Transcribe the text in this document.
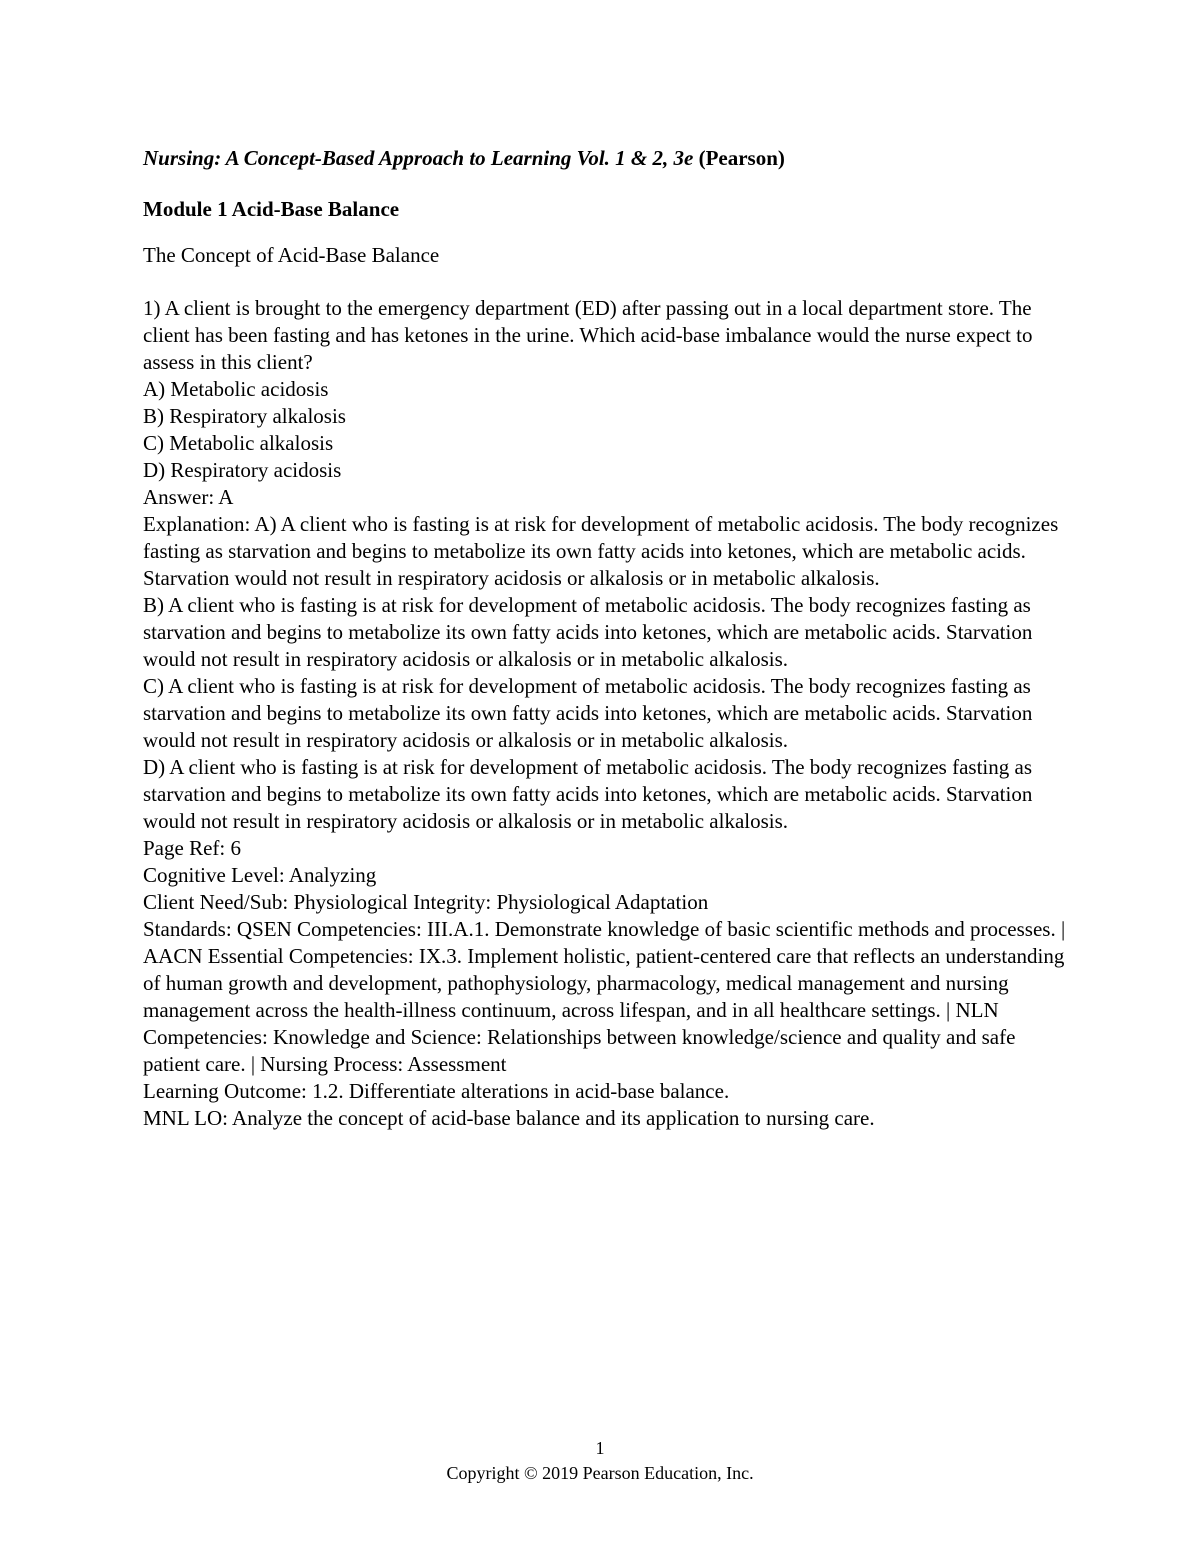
Nursing: A Concept-Based Approach to Learning Vol. 1 & 2, 3e (Pearson)

Module 1 Acid-Base Balance

The Concept of Acid-Base Balance

1) A client is brought to the emergency department (ED) after passing out in a local department store. The client has been fasting and has ketones in the urine. Which acid-base imbalance would the nurse expect to assess in this client?

A) Metabolic acidosis

B) Respiratory alkalosis

C) Metabolic alkalosis

D) Respiratory acidosis

Answer: A

Explanation: A) A client who is fasting is at risk for development of metabolic acidosis. The body recognizes fasting as starvation and begins to metabolize its own fatty acids into ketones, which are metabolic acids. Starvation would not result in respiratory acidosis or alkalosis or in metabolic alkalosis.

B) A client who is fasting is at risk for development of metabolic acidosis. The body recognizes fasting as starvation and begins to metabolize its own fatty acids into ketones, which are metabolic acids. Starvation would not result in respiratory acidosis or alkalosis or in metabolic alkalosis.

C) A client who is fasting is at risk for development of metabolic acidosis. The body recognizes fasting as starvation and begins to metabolize its own fatty acids into ketones, which are metabolic acids. Starvation would not result in respiratory acidosis or alkalosis or in metabolic alkalosis.

D) A client who is fasting is at risk for development of metabolic acidosis. The body recognizes fasting as starvation and begins to metabolize its own fatty acids into ketones, which are metabolic acids. Starvation would not result in respiratory acidosis or alkalosis or in metabolic alkalosis.

Page Ref: 6

Cognitive Level: Analyzing

Client Need/Sub: Physiological Integrity: Physiological Adaptation

Standards: QSEN Competencies: III.A.1. Demonstrate knowledge of basic scientific methods and processes. | AACN Essential Competencies: IX.3. Implement holistic, patient-centered care that reflects an understanding of human growth and development, pathophysiology, pharmacology, medical management and nursing management across the health-illness continuum, across lifespan, and in all healthcare settings. | NLN Competencies: Knowledge and Science: Relationships between knowledge/science and quality and safe patient care. | Nursing Process: Assessment

Learning Outcome: 1.2. Differentiate alterations in acid-base balance.

MNL LO: Analyze the concept of acid-base balance and its application to nursing care.

1
Copyright © 2019 Pearson Education, Inc.
